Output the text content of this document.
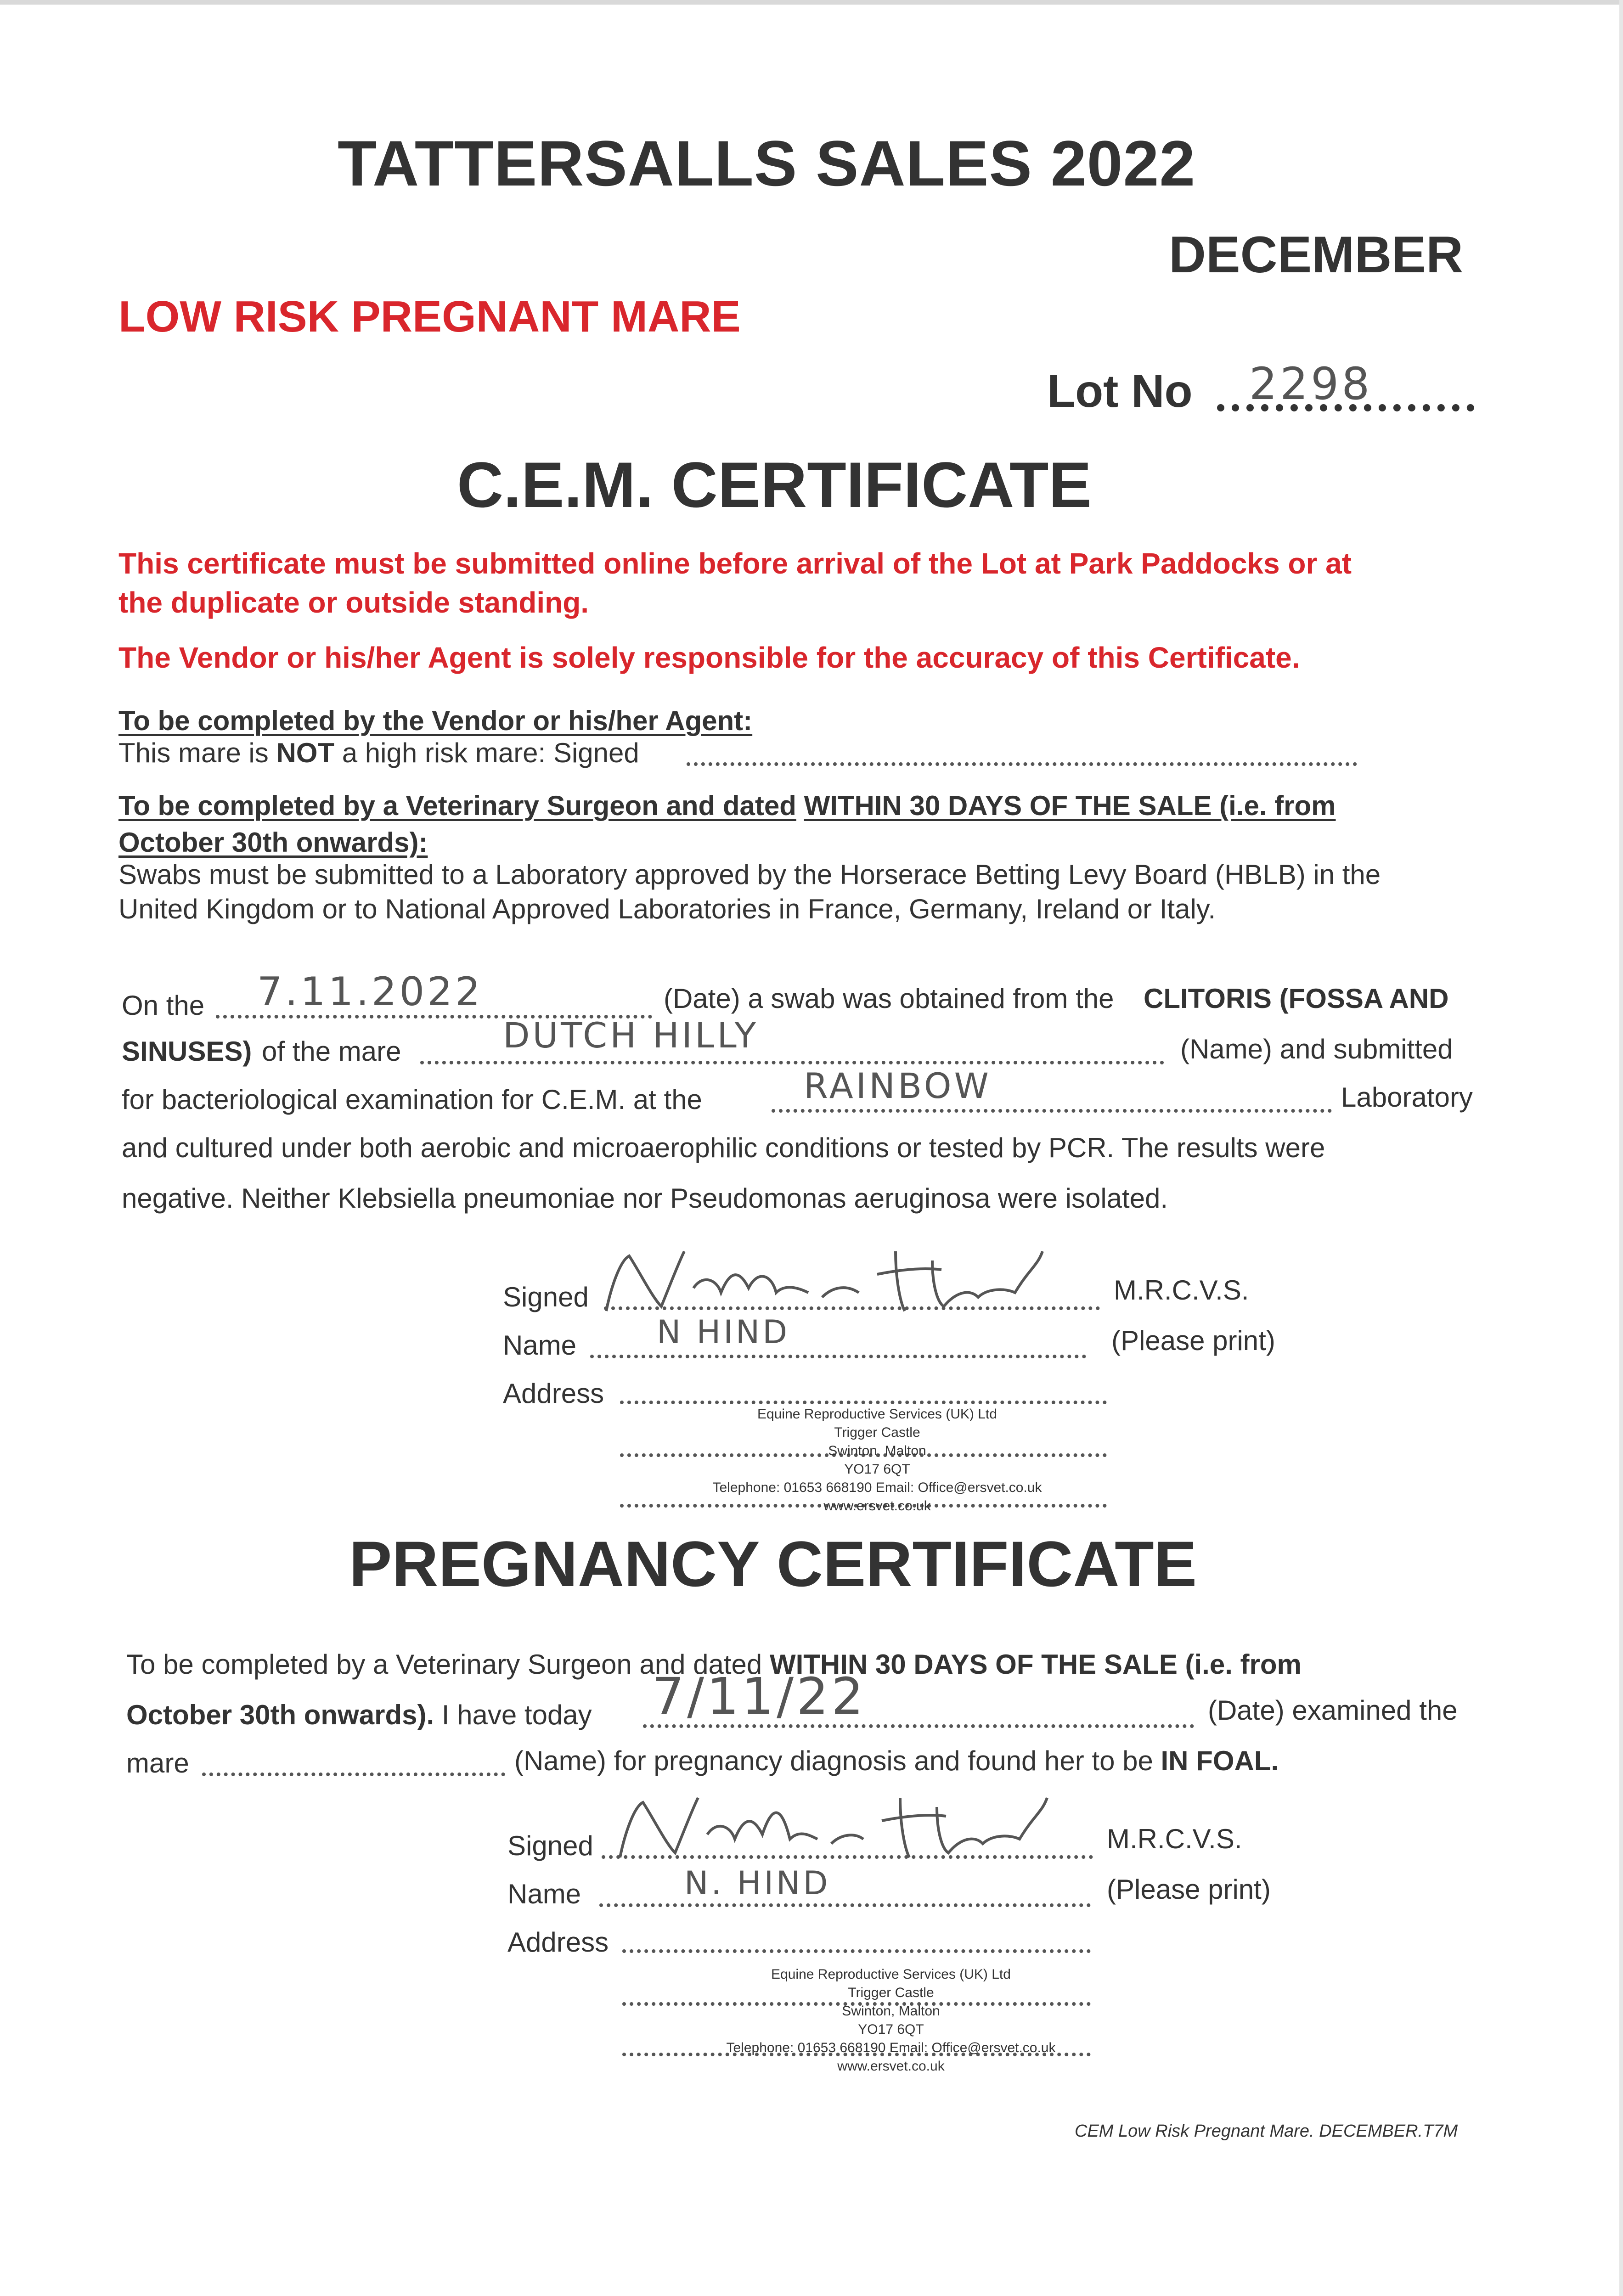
TATTERSALLS SALES 2022
DECEMBER
LOW RISK PREGNANT MARE
Lot No 2298
C.E.M. CERTIFICATE
This certificate must be submitted online before arrival of the Lot at Park Paddocks or at
the duplicate or outside standing.
The Vendor or his/her Agent is solely responsible for the accuracy of this Certificate.
To be completed by the Vendor or his/her Agent:
This mare is NOT a high risk mare: Signed
To be completed by a Veterinary Surgeon and dated WITHIN 30 DAYS OF THE SALE (i.e. from
October 30th onwards):
Swabs must be submitted to a Laboratory approved by the Horserace Betting Levy Board (HBLB) in the
United Kingdom or to National Approved Laboratories in France, Germany, Ireland or Italy.
On the 7.11.2022	(Date) a swab was obtained from the CLITORIS (FOSSA AND
SINUSES) of the mare	DUTCH HILLY	(Name) and submitted
for bacteriological examination for C.E.M. at the	RAINBOW	Laboratory
and cultured under both aerobic and microaerophilic conditions or tested by PCR. The results were
negative. Neither Klebsiella pneumoniae nor Pseudomonas aeruginosa were isolated.
Signed	M.R.C.V.S.
Name N HIND	(Please print)
Address
Equine Reproductive Services (UK) Ltd
Trigger Castle
Swinton, Malton
YO17 6QT
Telephone: 01653 668190 Email: Office@ersvet.co.uk
www.ersvet.co.uk
PREGNANCY CERTIFICATE
To be completed by a Veterinary Surgeon and dated WITHIN 30 DAYS OF THE SALE (i.e. from
October 30th onwards). I have today 7/11/22	(Date) examined the
mare	(Name) for pregnancy diagnosis and found her to be IN FOAL.
Signed	M.R.C.V.S.
Name	N. HIND	(Please print)
Address
Equine Reproductive Services (UK) Ltd
Trigger Castle
Swinton, Malton
YO17 6QT
Telephone: 01653 668190 Email: Office@ersvet.co.uk
www.ersvet.co.uk
CEM Low Risk Pregnant Mare. DECEMBER.T7M
